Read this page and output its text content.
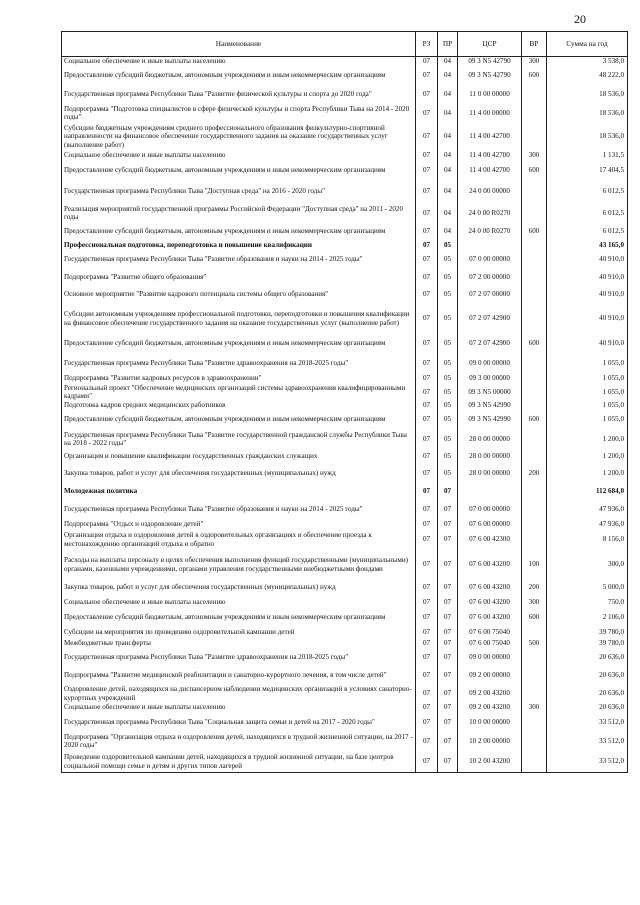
20
Наименование	РЗ	ПР	ЦСР	ВР	Сумма на год
Социальное обеспечение и иные выплаты населению	07	04	09 3 N5 42790	300	3 538,0
Предоставление субсидий бюджетным, автономным учреждениям и иным некоммерческим организациям	07	04	09 3 N5 42790	600	48 222,0
Государственная программа Республики Тыва "Развитие физической культуры и спорта до 2020 года"	07	04	11 0 00 00000		18 536,0
Подпрограмма "Подготовка специалистов в сфере физической культуры и спорта Республики Тыва на 2014 - 2020 годы"	07	04	11 4 00 00000		18 536,0
Субсидии бюджетным учреждениям среднего профессионального образования физкультурно-спортивной направленности на финансовое обеспечение государственного задания на оказание государственных услуг (выполнение работ)	07	04	11 4 00 42700		18 536,0
Социальное обеспечение и иные выплаты населению	07	04	11 4 00 42700	300	1 131,5
Предоставление субсидий бюджетным, автономным учреждениям и иным некоммерческим организациям	07	04	11 4 00 42700	600	17 404,5
Государственная программа Республики Тыва "Доступная среда" на 2016 - 2020 годы"	07	04	24 0 00 00000		6 012,5
Реализация мероприятий государственной программы Российской Федерации "Доступная среда" на 2011 - 2020 годы	07	04	24 0 00 R0270		6 012,5
Предоставление субсидий бюджетным, автономным учреждениям и иным некоммерческим организациям	07	04	24 0 00 R0270	600	6 012,5
Профессиональная подготовка, переподготовка и повышение квалификации	07	05			43 165,0
Государственная программа Республики Тыва "Развитие образования и науки на 2014 - 2025 годы"	07	05	07 0 00 00000		40 910,0
Подпрограмма "Развитие общего образования"	07	05	07 2 00 00000		40 910,0
Основное мероприятие "Развитие кадрового потенциала системы общего образования"	07	05	07 2 07 00000		40 910,0
Субсидии автономным учреждениям профессиональной подготовки, переподготовки и повышения квалификации на финансовое обеспечение государственного задания на оказание государственных услуг (выполнение работ)	07	05	07 2 07 42900		40 910,0
Предоставление субсидий бюджетным, автономным учреждениям и иным некоммерческим организациям	07	05	07 2 07 42900	600	40 910,0
Государственная программа Республики Тыва "Развитие здравоохранения на 2018-2025 годы"	07	05	09 0 00 00000		1 055,0
Подпрограмма "Развитие кадровых ресурсов в здравоохранении"	07	05	09 3 00 00000		1 055,0
Региональный проект "Обеспечение медицинских организаций системы здравоохранения квалифицированными кадрами"	07	05	09 3 N5 00000		1 055,0
Подготовка кадров средних медицинских работников	07	05	09 3 N5 42990		1 055,0
Предоставление субсидий бюджетным, автономным учреждениям и иным некоммерческим организациям	07	05	09 3 N5 42990	600	1 055,0
Государственная программа Республики Тыва "Развитие государственной гражданской службы Республики Тыва на 2018 - 2022 годы"	07	05	28 0 00 00000		1 200,0
Организация и повышение квалификации государственных гражданских служащих	07	05	28 0 00 00000		1 200,0
Закупка товаров, работ и услуг для обеспечения государственных (муниципальных) нужд	07	05	28 0 00 00000	200	1 200,0
Молодежная политика	07	07			112 684,0
Государственная программа Республики Тыва "Развитие образования и науки на 2014 - 2025 годы"	07	07	07 0 00 00000		47 936,0
Подпрограмма "Отдых и оздоровление детей"	07	07	07 6 00 00000		47 936,0
Организация отдыха и оздоровления детей в оздоровительных организациях и обеспечение проезда к местонахождению организаций отдыха и обратно	07	07	07 6 00 42300		8 156,0
Расходы на выплаты персоналу в целях обеспечения выполнения функций государственными (муниципальными) органами, казенными учреждениями, органами управления государственными внебюджетными фондами	07	07	07 6 00 43200	100	300,0
Закупка товаров, работ и услуг для обеспечения государственных (муниципальных) нужд	07	07	07 6 00 43200	200	5 000,0
Социальное обеспечение и иные выплаты населению	07	07	07 6 00 43200	300	750,0
Предоставление субсидий бюджетным, автономным учреждениям и иным некоммерческим организациям	07	07	07 6 00 43200	600	2 106,0
Субсидии на мероприятия по проведению оздоровительной кампании детей	07	07	07 6 00 75040		39 780,0
Межбюджетные трансферты	07	07	07 6 00 75040	500	39 780,0
Государственная программа Республики Тыва "Развитие здравоохранения на 2018-2025 годы"	07	07	09 0 00 00000		20 636,0
Подпрограмма "Развитие медицинской реабилитации и санаторно-курортного лечения, в том числе детей"	07	07	09 2 00 00000		20 636,0
Оздоровление детей, находящихся на диспансерном наблюдении медицинских организаций в условиях санаторно-курортных учреждений	07	07	09 2 00 43200		20 636,0
Социальное обеспечение и иные выплаты населению	07	07	09 2 00 43200	300	20 636,0
Государственная программа Республики Тыва "Социальная защита семьи и детей на 2017 - 2020 годы"	07	07	10 0 00 00000		33 512,0
Подпрограмма "Организация отдыха и оздоровления детей, находящихся в трудной жизненной ситуации, на 2017 - 2020 годы"	07	07	10 2 00 00000		33 512,0
Проведение оздоровительной кампании детей, находящихся в трудной жизненной ситуации, на базе центров социальной помощи семье и детям и других типов лагерей	07	07	10 2 00 43200		33 512,0
